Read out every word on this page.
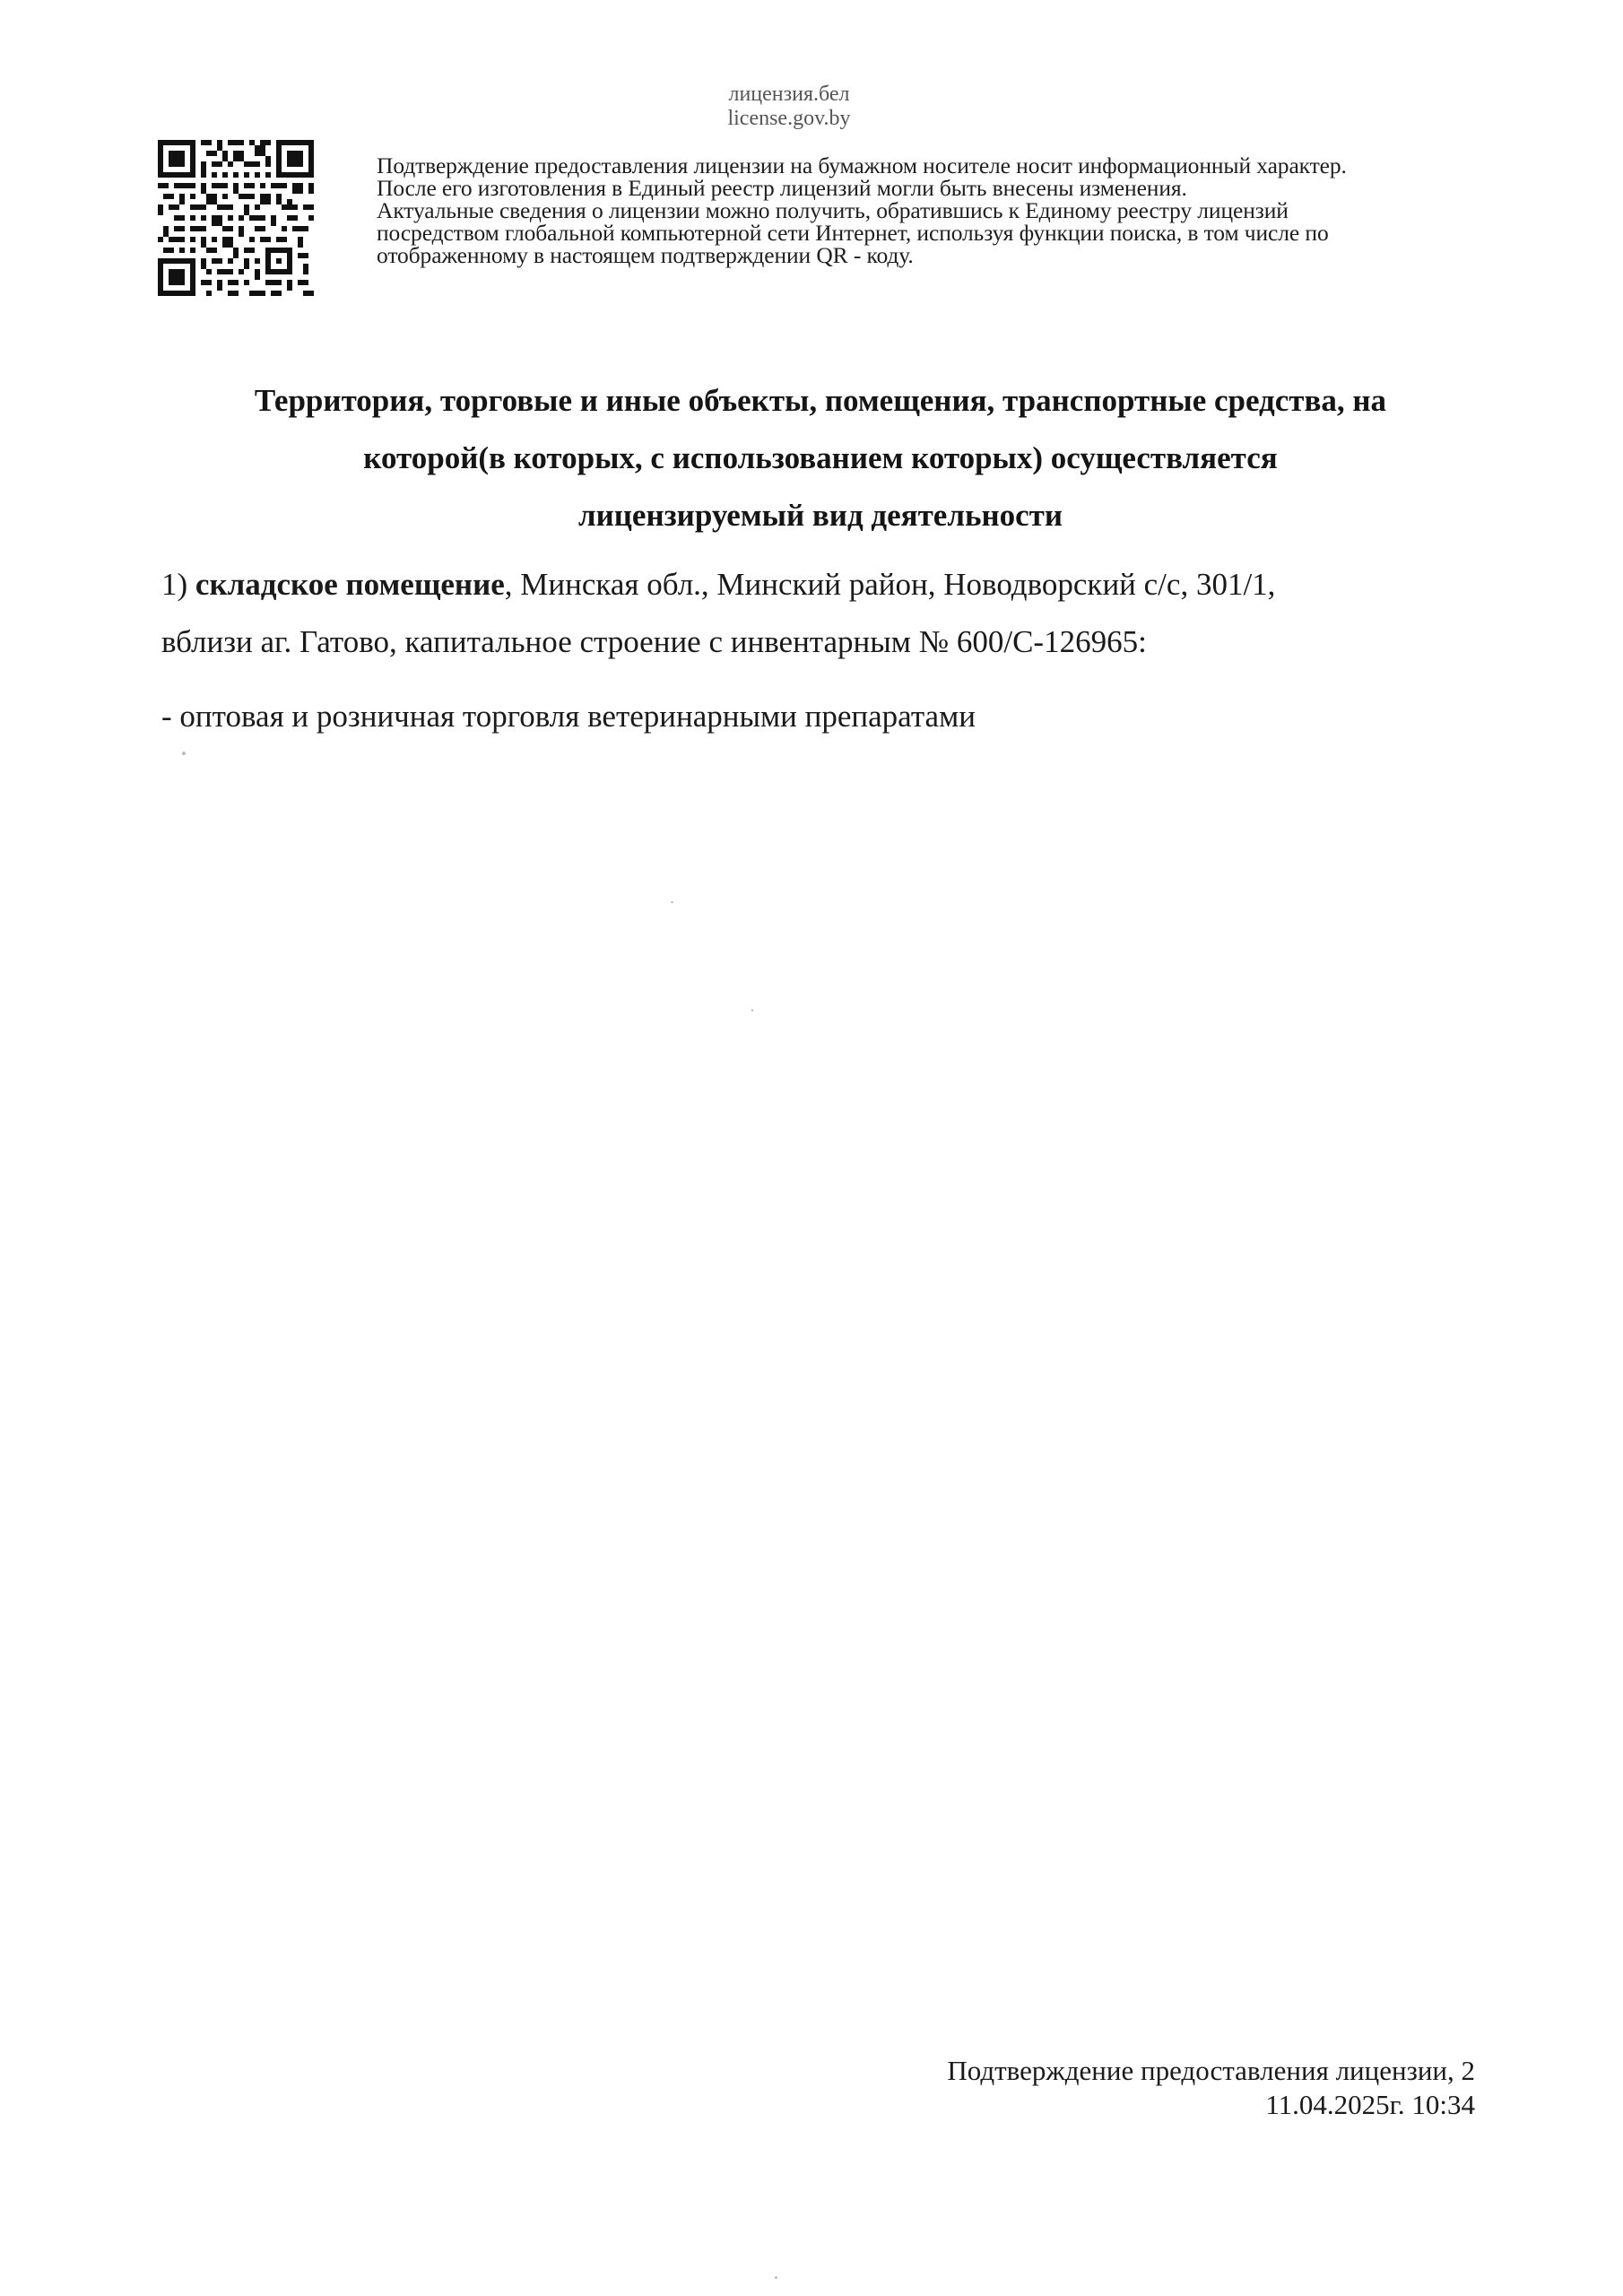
лицензия.бел
license.gov.by
Подтверждение предоставления лицензии на бумажном носителе носит информационный характер.
После его изготовления в Единый реестр лицензий могли быть внесены изменения.
Актуальные сведения о лицензии можно получить, обратившись к Единому реестру лицензий
посредством глобальной компьютерной сети Интернет, используя функции поиска, в том числе по
отображенному в настоящем подтверждении QR - коду.
Территория, торговые и иные объекты, помещения, транспортные средства, на
которой(в которых, с использованием которых) осуществляется
лицензируемый вид деятельности
1) складское помещение, Минская обл., Минский район, Новодворский с/с, 301/1,
вблизи аг. Гатово, капитальное строение с инвентарным № 600/С-126965:
- оптовая и розничная торговля ветеринарными препаратами
Подтверждение предоставления лицензии, 2
11.04.2025г. 10:34
